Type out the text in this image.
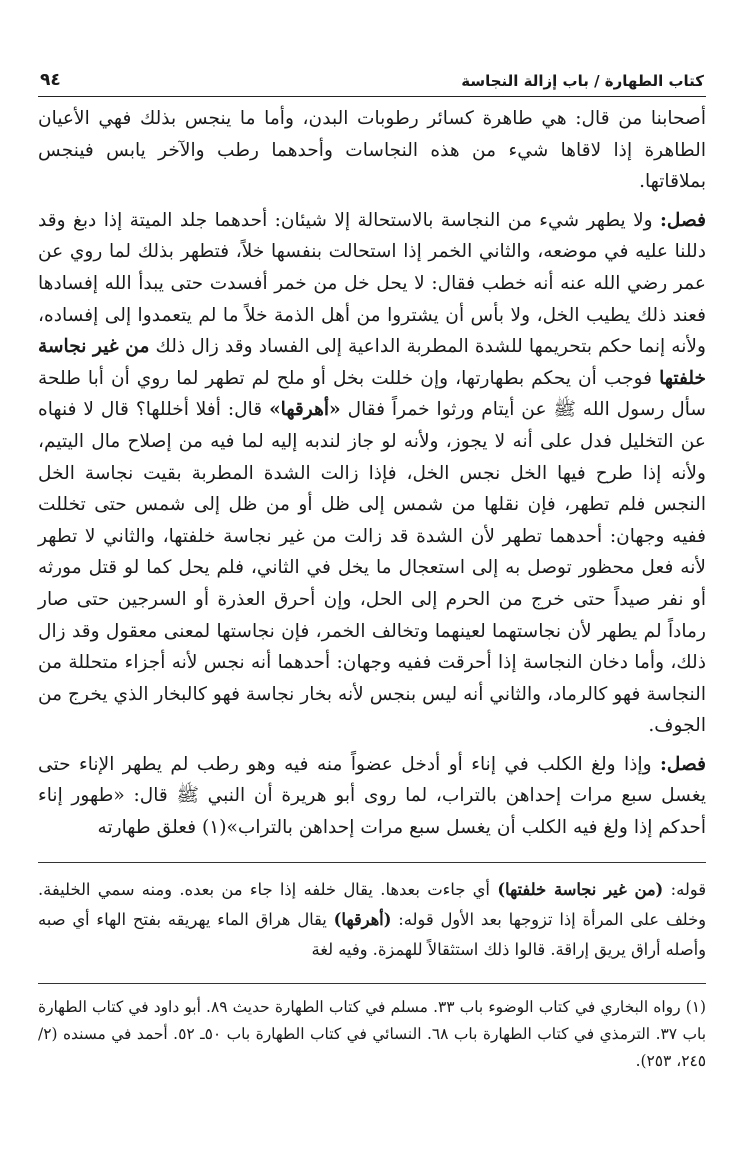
كتاب الطهارة / باب إزالة النجاسة
٩٤

أصحابنا من قال: هي طاهرة كسائر رطوبات البدن، وأما ما ينجس بذلك فهي الأعيان الطاهرة إذا لاقاها شيء من هذه النجاسات وأحدهما رطب والآخر يابس فينجس بملاقاتها.

فصل: ولا يطهر شيء من النجاسة بالاستحالة إلا شيئان: أحدهما جلد الميتة إذا دبغ وقد دللنا عليه في موضعه، والثاني الخمر إذا استحالت بنفسها خلاً، فتطهر بذلك لما روي عن عمر رضي الله عنه أنه خطب فقال: لا يحل خل من خمر أفسدت حتى يبدأ الله إفسادها فعند ذلك يطيب الخل، ولا بأس أن يشتروا من أهل الذمة خلاً ما لم يتعمدوا إلى إفساده، ولأنه إنما حكم بتحريمها للشدة المطربة الداعية إلى الفساد وقد زال ذلك من غير نجاسة خلفتها فوجب أن يحكم بطهارتها، وإن خللت بخل أو ملح لم تطهر لما روي أن أبا طلحة سأل رسول الله ﷺ عن أيتام ورثوا خمراً فقال «أهرقها» قال: أفلا أخللها؟ قال لا فنهاه عن التخليل فدل على أنه لا يجوز، ولأنه لو جاز لندبه إليه لما فيه من إصلاح مال اليتيم، ولأنه إذا طرح فيها الخل نجس الخل، فإذا زالت الشدة المطربة بقيت نجاسة الخل النجس فلم تطهر، فإن نقلها من شمس إلى ظل أو من ظل إلى شمس حتى تخللت ففيه وجهان: أحدهما تطهر لأن الشدة قد زالت من غير نجاسة خلفتها، والثاني لا تطهر لأنه فعل محظور توصل به إلى استعجال ما يخل في الثاني، فلم يحل كما لو قتل مورثه أو نفر صيداً حتى خرج من الحرم إلى الحل، وإن أحرق العذرة أو السرجين حتى صار رماداً لم يطهر لأن نجاستهما لعينهما وتخالف الخمر، فإن نجاستها لمعنى معقول وقد زال ذلك، وأما دخان النجاسة إذا أحرقت ففيه وجهان: أحدهما أنه نجس لأنه أجزاء متحللة من النجاسة فهو كالرماد، والثاني أنه ليس بنجس لأنه بخار نجاسة فهو كالبخار الذي يخرج من الجوف.

فصل: وإذا ولغ الكلب في إناء أو أدخل عضواً منه فيه وهو رطب لم يطهر الإناء حتى يغسل سبع مرات إحداهن بالتراب، لما روى أبو هريرة أن النبي ﷺ قال: «طهور إناء أحدكم إذا ولغ فيه الكلب أن يغسل سبع مرات إحداهن بالتراب»(١) فعلق طهارته

قوله: (من غير نجاسة خلفتها) أي جاءت بعدها. يقال خلفه إذا جاء من بعده. ومنه سمي الخليفة. وخلف على المرأة إذا تزوجها بعد الأول قوله: (أهرقها) يقال هراق الماء يهريقه بفتح الهاء أي صبه وأصله أراق يريق إراقة. قالوا ذلك استثقالاً للهمزة. وفيه لغة

(١) رواه البخاري في كتاب الوضوء باب ٣٣. مسلم في كتاب الطهارة حديث ٨٩. أبو داود في كتاب الطهارة باب ٣٧. الترمذي في كتاب الطهارة باب ٦٨. النسائي في كتاب الطهارة باب ٥٠ـ ٥٢. أحمد في مسنده (٢/ ٢٤٥، ٢٥٣).
